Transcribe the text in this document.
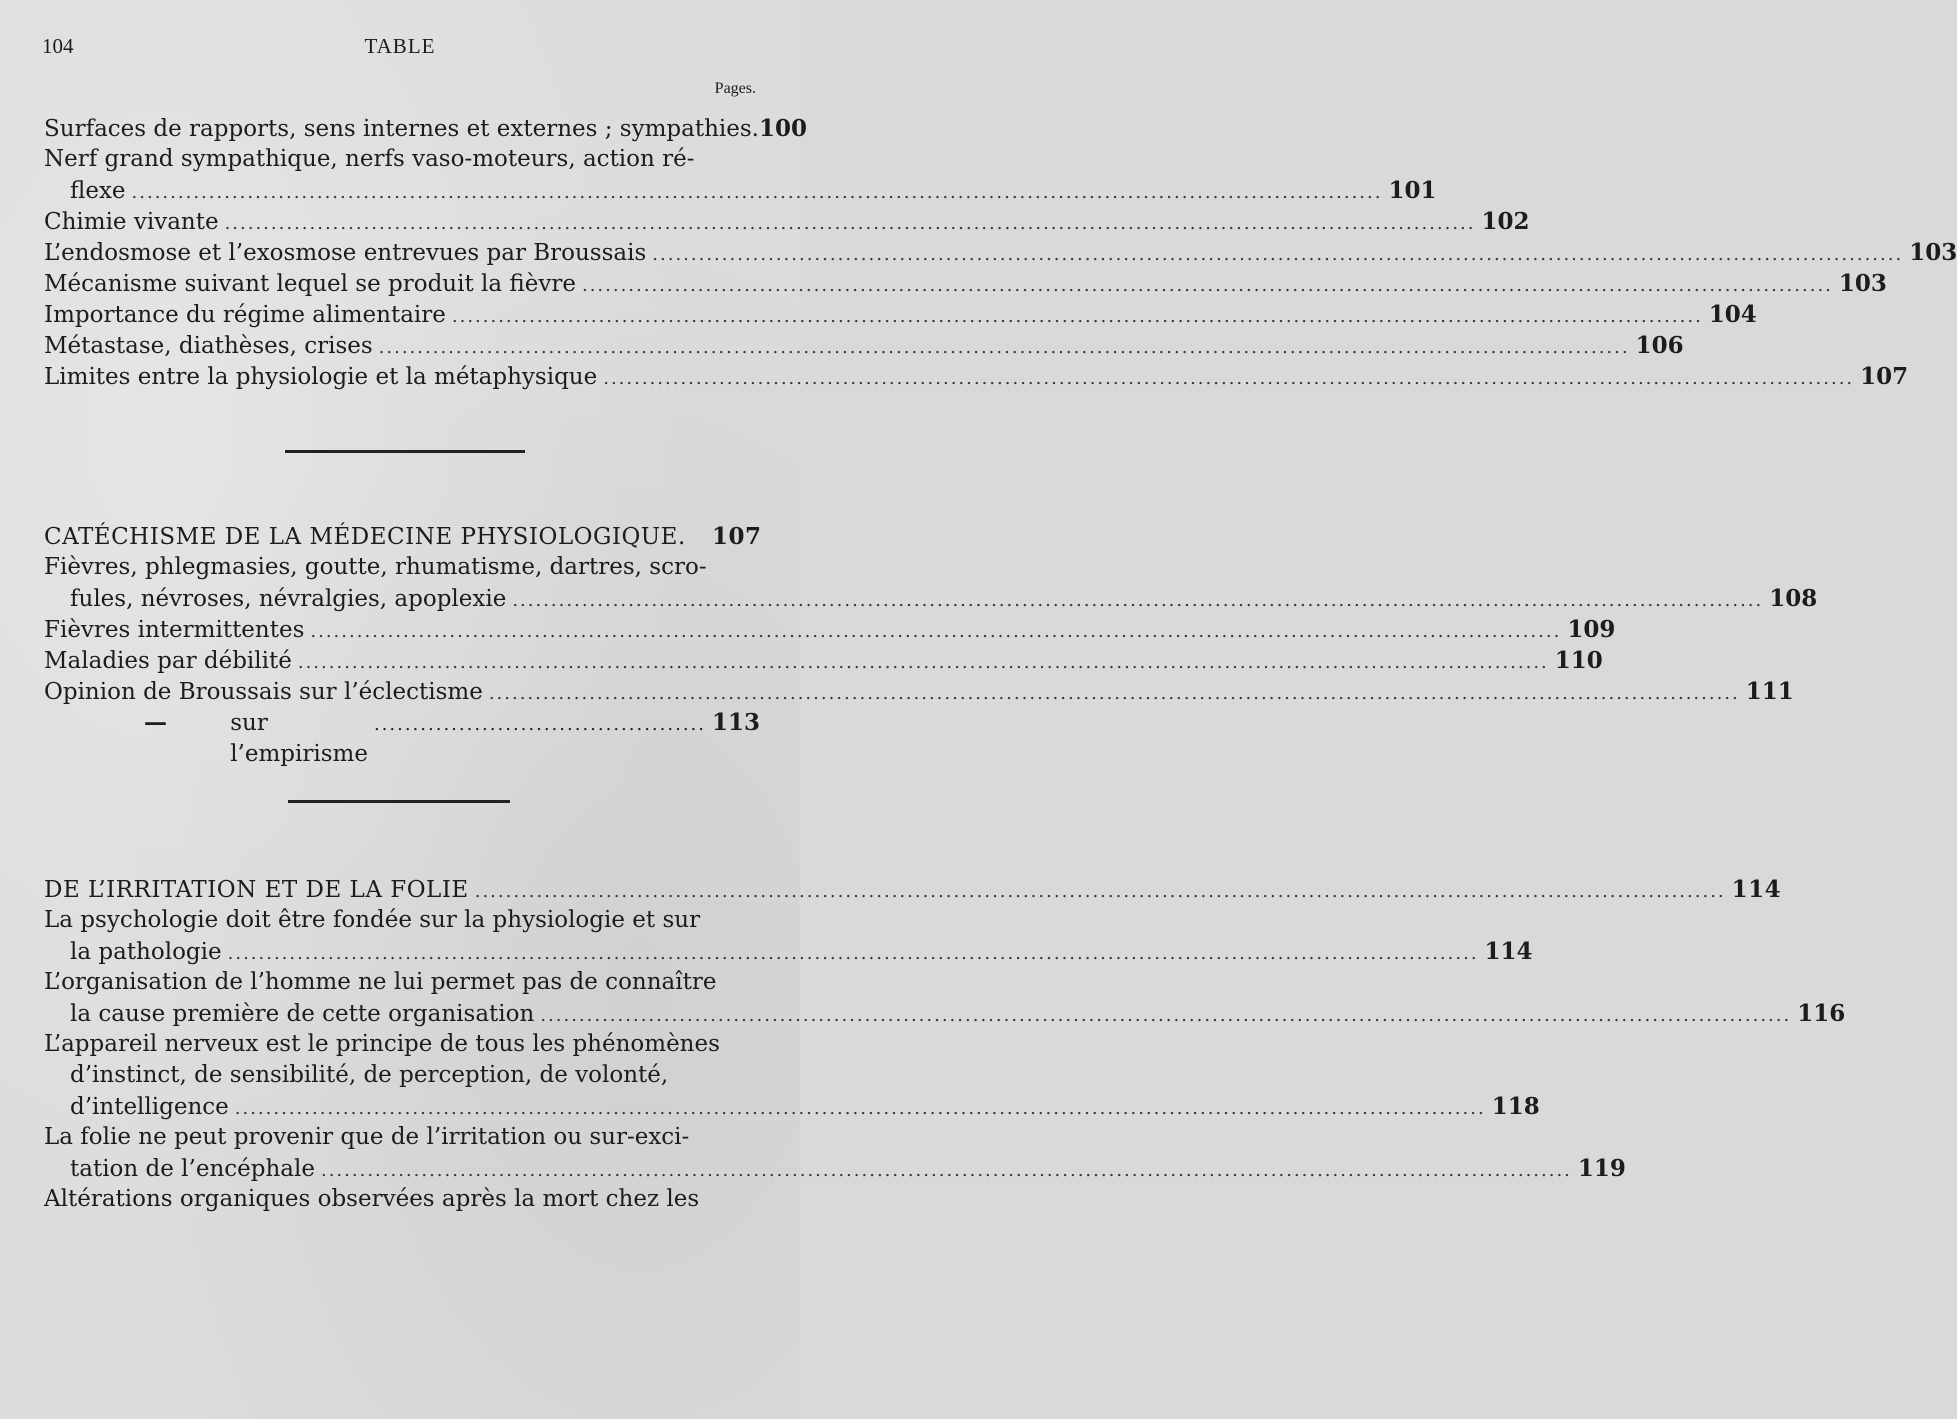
104	TABLE
Pages.
Surfaces de rapports, sens internes et externes ; sympathies. 100
Nerf grand sympathique, nerfs vaso-moteurs, action ré-
flexe .....	101
Chimie vivante .....	102
L’endosmose et l’exosmose entrevues par Broussais .....	103
Mécanisme suivant lequel se produit la fièvre .....	103
Importance du régime alimentaire .....	104
Métastase, diathèses, crises .....	106
Limites entre la physiologie et la métaphysique .....	107
CATÉCHISME DE LA MÉDECINE PHYSIOLOGIQUE. 107
Fièvres, phlegmasies, goutte, rhumatisme, dartres, scro-
fules, névroses, névralgies, apoplexie .....	108
Fièvres intermittentes .....	109
Maladies par débilité .....	110
Opinion de Broussais sur l’éclectisme .....	111
—	sur l’empirisme
........................................... 113
DE L’IRRITATION ET DE LA FOLIE .....	114
La psychologie doit être fondée sur la physiologie et sur
la pathologie .....	114
L’organisation de l’homme ne lui permet pas de connaître
la cause première de cette organisation .....	116
L’appareil nerveux est le principe de tous les phénomènes
d’instinct, de sensibilité, de perception, de volonté,
d’intelligence .....	118
La folie ne peut provenir que de l’irritation ou sur-exci-
tation de l’encéphale .....	119
Altérations organiques observées après la mort chez les
